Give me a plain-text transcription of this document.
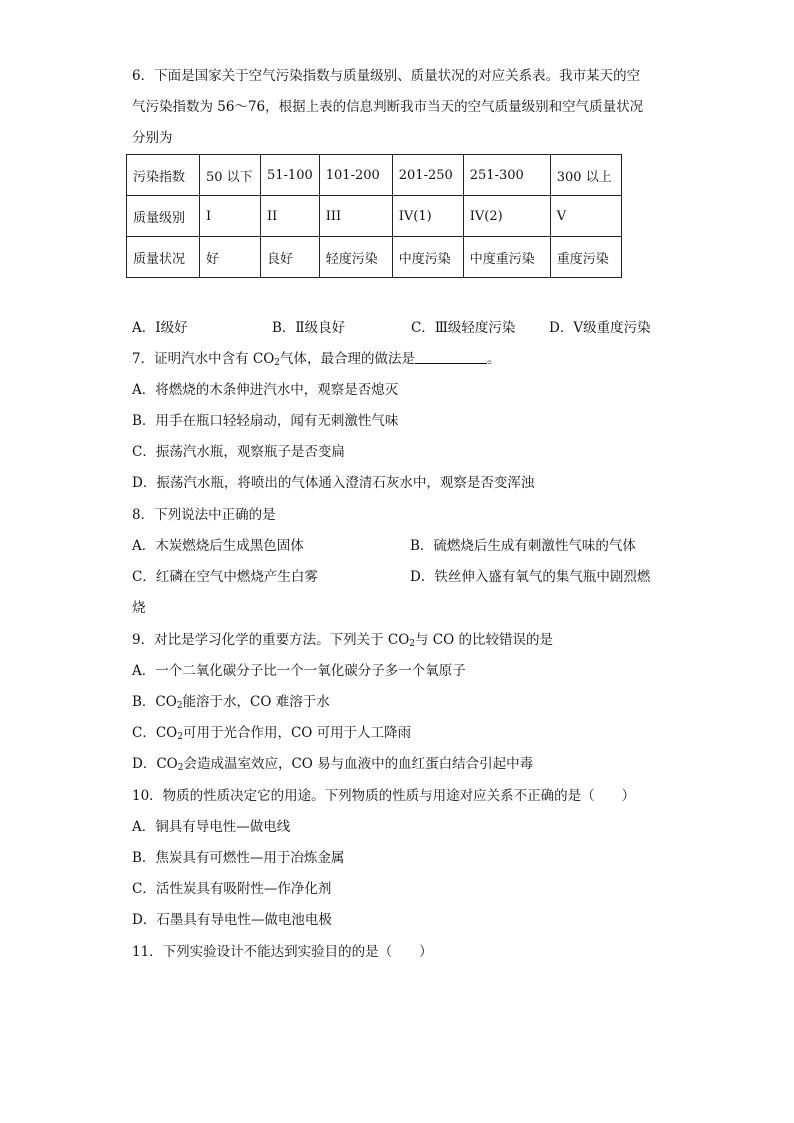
6．下面是国家关于空气污染指数与质量级别、质量状况的对应关系表。我市某天的空
气污染指数为 56～76，根据上表的信息判断我市当天的空气质量级别和空气质量状况
分别为
污染指数	50 以下	51-100	101-200	201-250	251-300	300 以上
质量级别	I	II	III	IV(1)	IV(2)	V
质量状况	好	良好	轻度污染	中度污染	中度重污染	重度污染
A．Ⅰ级好	B．Ⅱ级良好	C．Ⅲ级轻度污染 D．Ⅴ级重度污染
7．证明汽水中含有 $CO_2$气体，最合理的做法是	。
A．将燃烧的木条伸进汽水中，观察是否熄灭
B．用手在瓶口轻轻扇动，闻有无刺激性气味
C．振荡汽水瓶，观察瓶子是否变扁
D．振荡汽水瓶，将喷出的气体通入澄清石灰水中，观察是否变浑浊
8．下列说法中正确的是
A．木炭燃烧后生成黑色固体	B．硫燃烧后生成有刺激性气味的气体
C．红磷在空气中燃烧产生白雾	D．铁丝伸入盛有氧气的集气瓶中剧烈燃
烧
9．对比是学习化学的重要方法。下列关于 $CO_2$与 CO 的比较错误的是
A．一个二氧化碳分子比一个一氧化碳分子多一个氧原子
B．$CO_2$能溶于水，CO 难溶于水
C．$CO_2$可用于光合作用，CO 可用于人工降雨
D．$CO_2$会造成温室效应，CO 易与血液中的血红蛋白结合引起中毒
10．物质的性质决定它的用途。下列物质的性质与用途对应关系不正确的是（　　）
A．铜具有导电性—做电线
B．焦炭具有可燃性—用于冶炼金属
C．活性炭具有吸附性—作净化剂
D．石墨具有导电性—做电池电极
11．下列实验设计不能达到实验目的的是（　　）
